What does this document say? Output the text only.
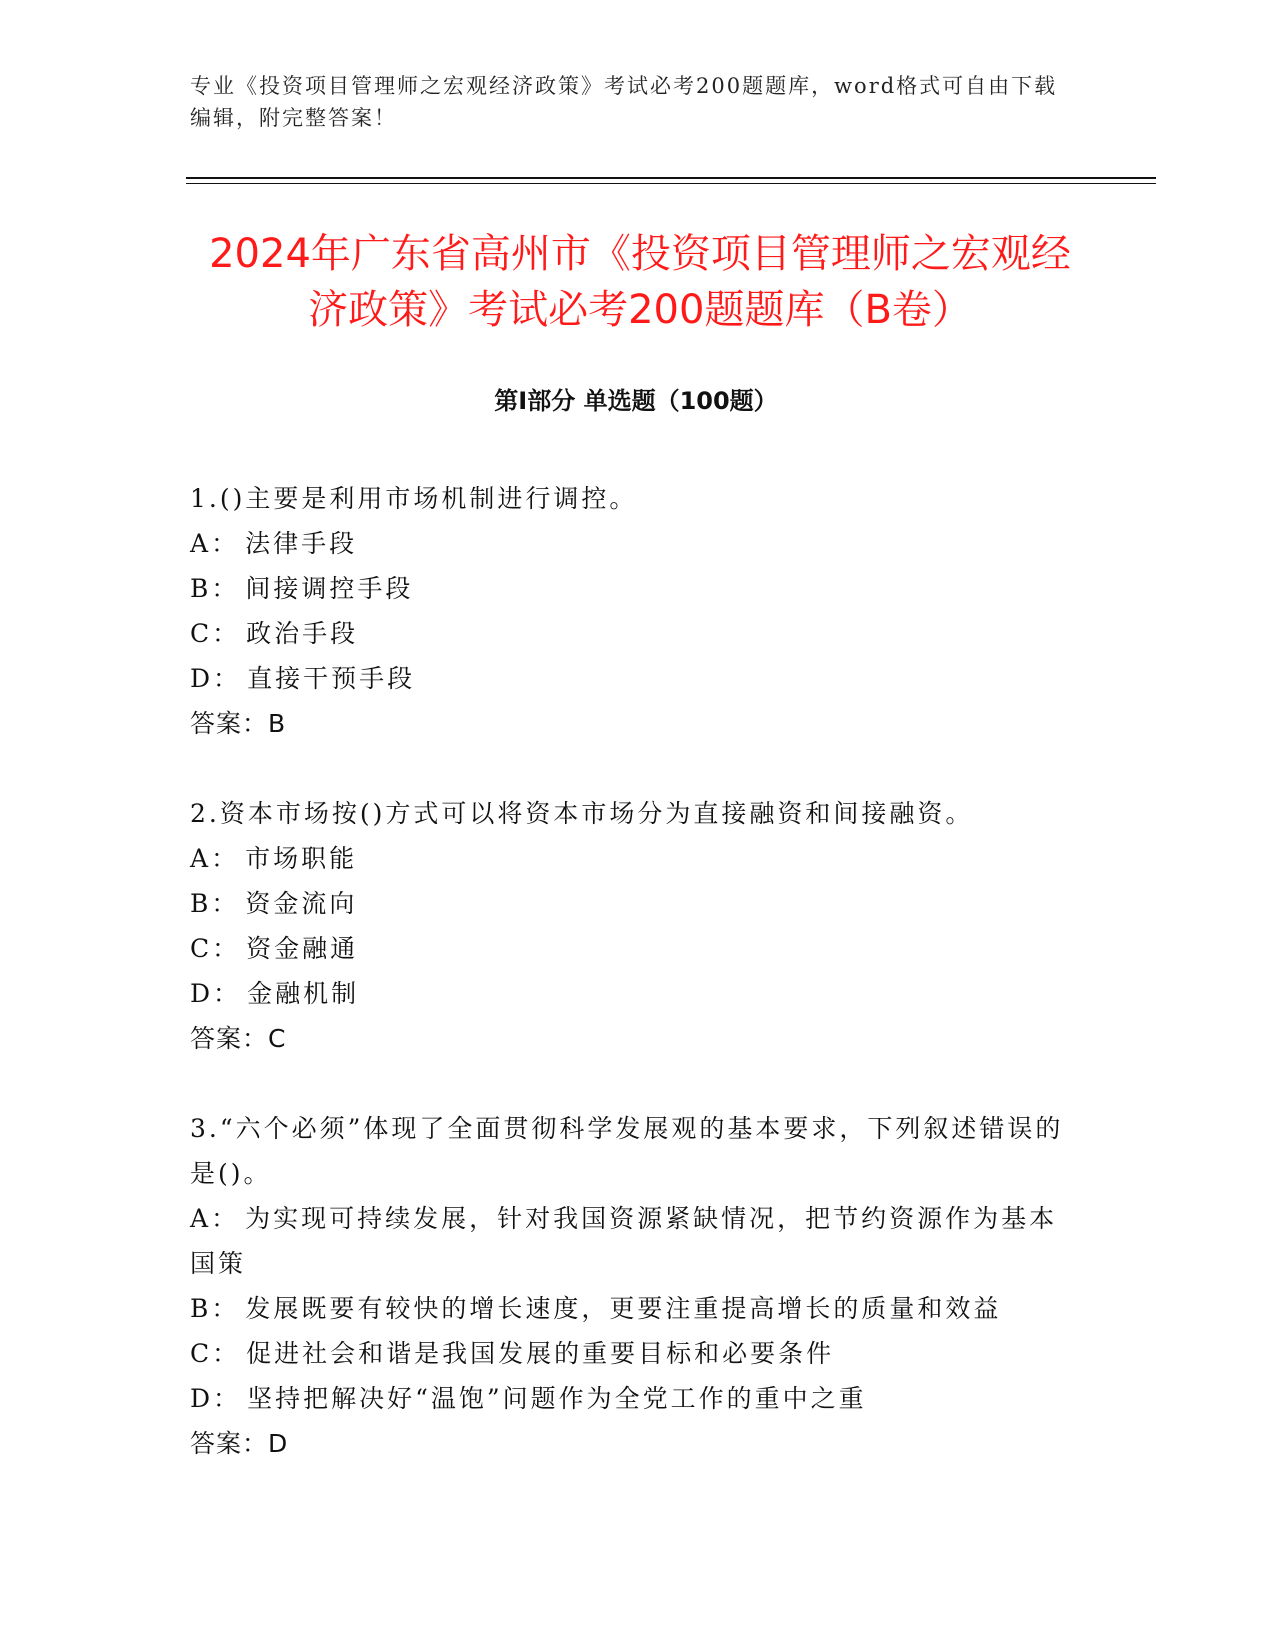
专业《投资项目管理师之宏观经济政策》考试必考200题题库，word格式可自由下载编辑，附完整答案！
2024年广东省高州市《投资项目管理师之宏观经济政策》考试必考200题题库（B卷）
第Ⅰ部分 单选题（100题）
1.()主要是利用市场机制进行调控。
A： 法律手段
B： 间接调控手段
C： 政治手段
D： 直接干预手段
答案：B
2.资本市场按()方式可以将资本市场分为直接融资和间接融资。
A： 市场职能
B： 资金流向
C： 资金融通
D： 金融机制
答案：C
3.“六个必须”体现了全面贯彻科学发展观的基本要求，下列叙述错误的是()。
A： 为实现可持续发展，针对我国资源紧缺情况，把节约资源作为基本国策
B： 发展既要有较快的增长速度，更要注重提高增长的质量和效益
C： 促进社会和谐是我国发展的重要目标和必要条件
D： 坚持把解决好“温饱”问题作为全党工作的重中之重
答案：D
